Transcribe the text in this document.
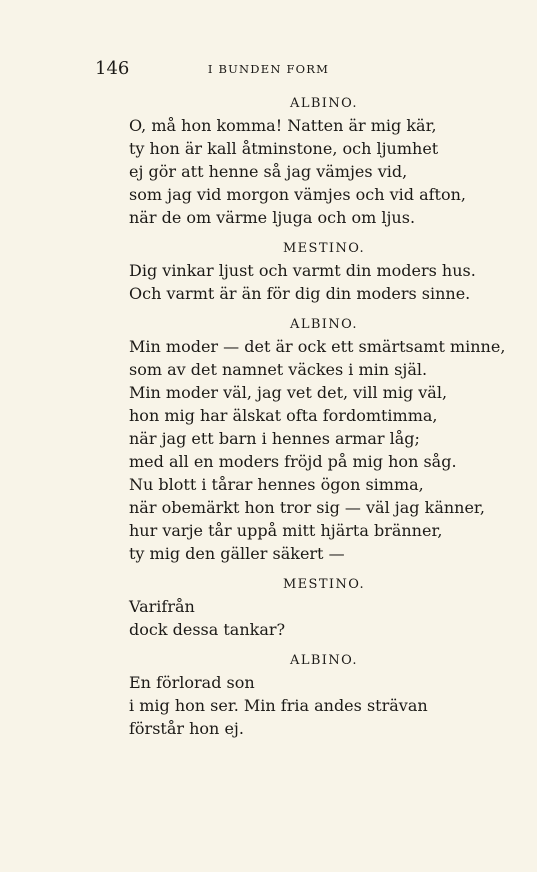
146	I BUNDEN FORM
ALBINO.
O, må hon komma! Natten är mig kär,
ty hon är kall åtminstone, och ljumhet
ej gör att henne så jag vämjes vid,
som jag vid morgon vämjes och vid afton,
när de om värme ljuga och om ljus.
MESTINO.
Dig vinkar ljust och varmt din moders hus.
Och varmt är än för dig din moders sinne.
ALBINO.
Min moder — det är ock ett smärtsamt minne,
som av det namnet väckes i min själ.
Min moder väl, jag vet det, vill mig väl,
hon mig har älskat ofta fordomtimma,
när jag ett barn i hennes armar låg;
med all en moders fröjd på mig hon såg.
Nu blott i tårar hennes ögon simma,
när obemärkt hon tror sig — väl jag känner,
hur varje tår uppå mitt hjärta bränner,
ty mig den gäller säkert —
MESTINO.
Varifrån
dock dessa tankar?
ALBINO.
En förlorad son
i mig hon ser. Min fria andes strävan
förstår hon ej.
